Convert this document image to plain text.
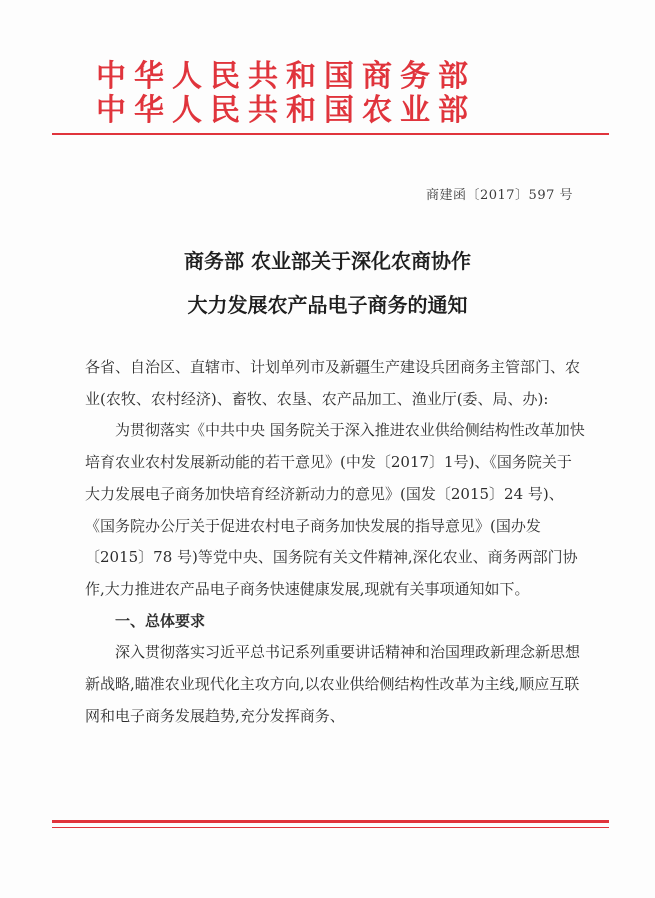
中华人民共和国商务部
中华人民共和国农业部
商建函〔2017〕597 号
商务部 农业部关于深化农商协作
大力发展农产品电子商务的通知

各省、自治区、直辖市、计划单列市及新疆生产建设兵团商务主管部门、农业(农牧、农村经济)、畜牧、农垦、农产品加工、渔业厅(委、局、办):

为贯彻落实《中共中央 国务院关于深入推进农业供给侧结构性改革加快培育农业农村发展新动能的若干意见》(中发〔2017〕1号)、《国务院关于大力发展电子商务加快培育经济新动力的意见》(国发〔2015〕24 号)、《国务院办公厅关于促进农村电子商务加快发展的指导意见》(国办发〔2015〕78 号)等党中央、国务院有关文件精神,深化农业、商务两部门协作,大力推进农产品电子商务快速健康发展,现就有关事项通知如下。

一、总体要求

深入贯彻落实习近平总书记系列重要讲话精神和治国理政新理念新思想新战略,瞄准农业现代化主攻方向,以农业供给侧结构性改革为主线,顺应互联网和电子商务发展趋势,充分发挥商务、
